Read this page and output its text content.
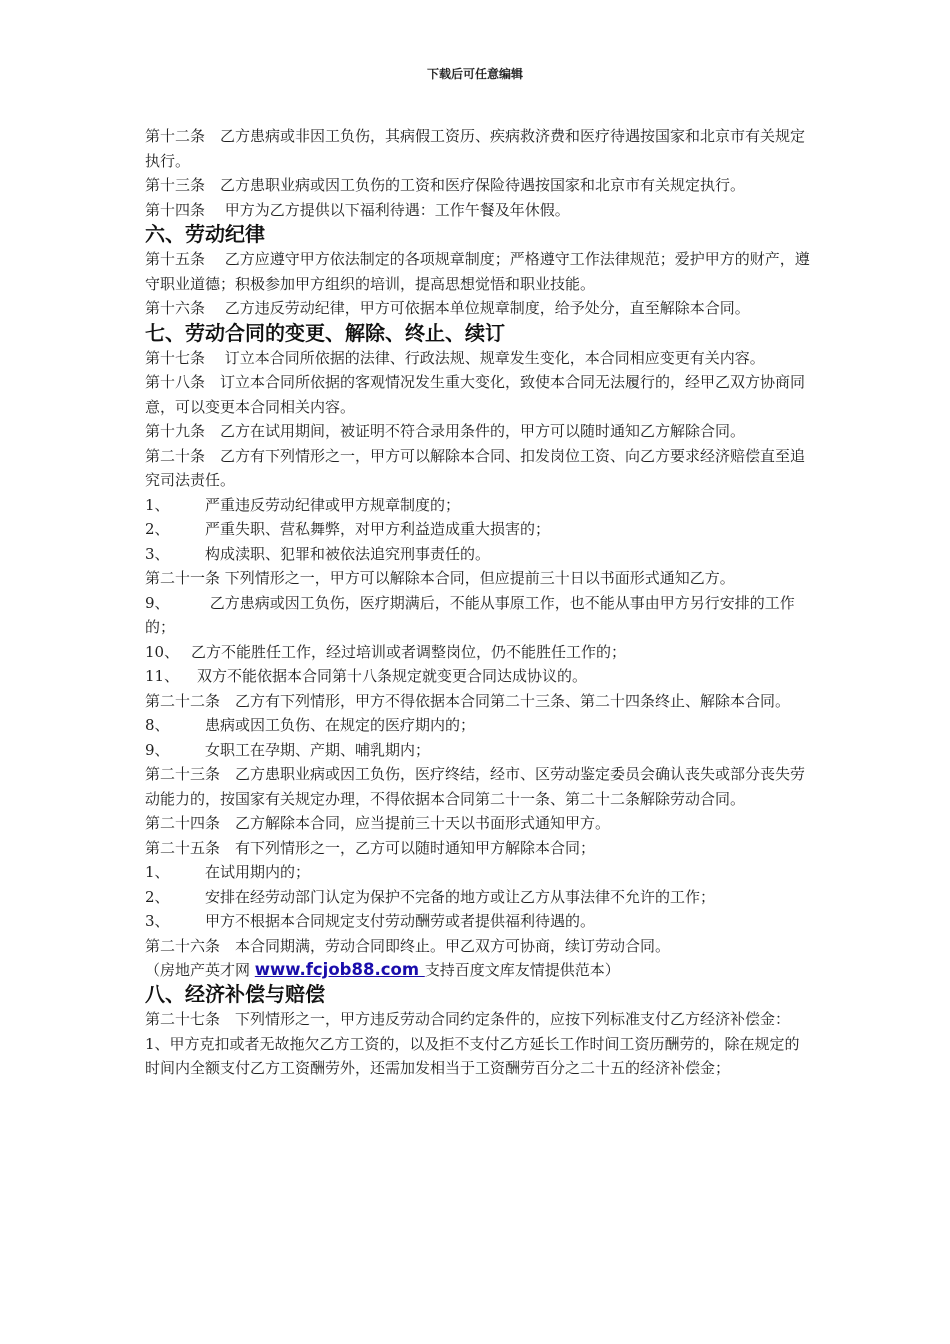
下载后可任意编辑
第十二条　乙方患病或非因工负伤，其病假工资历、疾病救济费和医疗待遇按国家和北京市有关规定执行。
第十三条　乙方患职业病或因工负伤的工资和医疗保险待遇按国家和北京市有关规定执行。
第十四条　 甲方为乙方提供以下福利待遇：工作午餐及年休假。
六、劳动纪律
第十五条　 乙方应遵守甲方依法制定的各项规章制度；严格遵守工作法律规范；爱护甲方的财产，遵守职业道德；积极参加甲方组织的培训，提高思想觉悟和职业技能。
第十六条　 乙方违反劳动纪律，甲方可依据本单位规章制度，给予处分，直至解除本合同。
七、劳动合同的变更、解除、终止、续订
第十七条　 订立本合同所依据的法律、行政法规、规章发生变化，本合同相应变更有关内容。
第十八条　订立本合同所依据的客观情况发生重大变化，致使本合同无法履行的，经甲乙双方协商同意，可以变更本合同相关内容。
第十九条　乙方在试用期间，被证明不符合录用条件的，甲方可以随时通知乙方解除合同。
第二十条　乙方有下列情形之一，甲方可以解除本合同、扣发岗位工资、向乙方要求经济赔偿直至追究司法责任。
1、	严重违反劳动纪律或甲方规章制度的；
2、	严重失职、营私舞弊，对甲方利益造成重大损害的；
3、	构成渎职、犯罪和被依法追究刑事责任的。
第二十一条 下列情形之一，甲方可以解除本合同，但应提前三十日以书面形式通知乙方。
9、 乙方患病或因工负伤，医疗期满后，不能从事原工作，也不能从事由甲方另行安排的工作的；
10、 乙方不能胜任工作，经过培训或者调整岗位，仍不能胜任工作的；
11、	双方不能依据本合同第十八条规定就变更合同达成协议的。
第二十二条　乙方有下列情形，甲方不得依据本合同第二十三条、第二十四条终止、解除本合同。
8、	患病或因工负伤、在规定的医疗期内的；
9、	女职工在孕期、产期、哺乳期内；
第二十三条　乙方患职业病或因工负伤，医疗终结，经市、区劳动鉴定委员会确认丧失或部分丧失劳动能力的，按国家有关规定办理，不得依据本合同第二十一条、第二十二条解除劳动合同。
第二十四条　乙方解除本合同，应当提前三十天以书面形式通知甲方。
第二十五条　有下列情形之一，乙方可以随时通知甲方解除本合同；
1、	在试用期内的；
2、	安排在经劳动部门认定为保护不完备的地方或让乙方从事法律不允许的工作；
3、	甲方不根据本合同规定支付劳动酬劳或者提供福利待遇的。
第二十六条　本合同期满，劳动合同即终止。甲乙双方可协商，续订劳动合同。
（房地产英才网 www.fcjob88.com 支持百度文库友情提供范本）
八、经济补偿与赔偿
第二十七条　下列情形之一，甲方违反劳动合同约定条件的，应按下列标准支付乙方经济补偿金：
1、甲方克扣或者无故拖欠乙方工资的，以及拒不支付乙方延长工作时间工资历酬劳的，除在规定的时间内全额支付乙方工资酬劳外，还需加发相当于工资酬劳百分之二十五的经济补偿金；
